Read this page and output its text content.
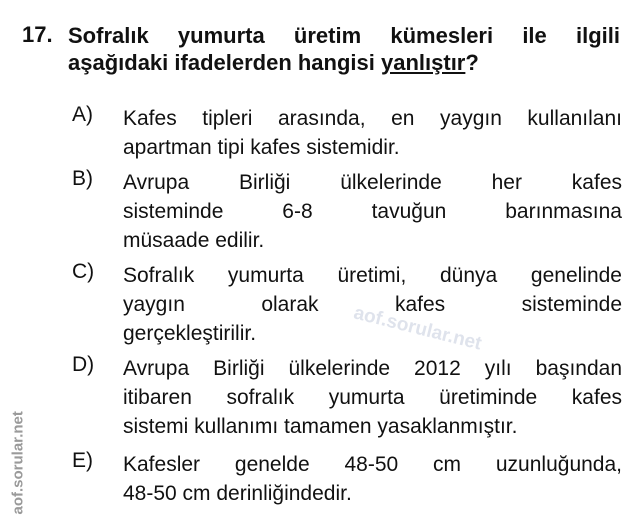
aof.sorular.net
aof.sorular.net
17. Sofralık yumurta üretim kümesleri ile ilgili
aşağıdaki ifadelerden hangisi yanlıştır?
A) Kafes tipleri arasında, en yaygın kullanılanı
apartman tipi kafes sistemidir.
B) Avrupa Birliği ülkelerinde her kafes
sisteminde 6-8 tavuğun barınmasına
müsaade edilir.
C) Sofralık yumurta üretimi, dünya genelinde
yaygın olarak kafes sisteminde
gerçekleştirilir.
D) Avrupa Birliği ülkelerinde 2012 yılı başından
itibaren sofralık yumurta üretiminde kafes
sistemi kullanımı tamamen yasaklanmıştır.
E) Kafesler genelde 48-50 cm uzunluğunda,
48-50 cm derinliğindedir.
